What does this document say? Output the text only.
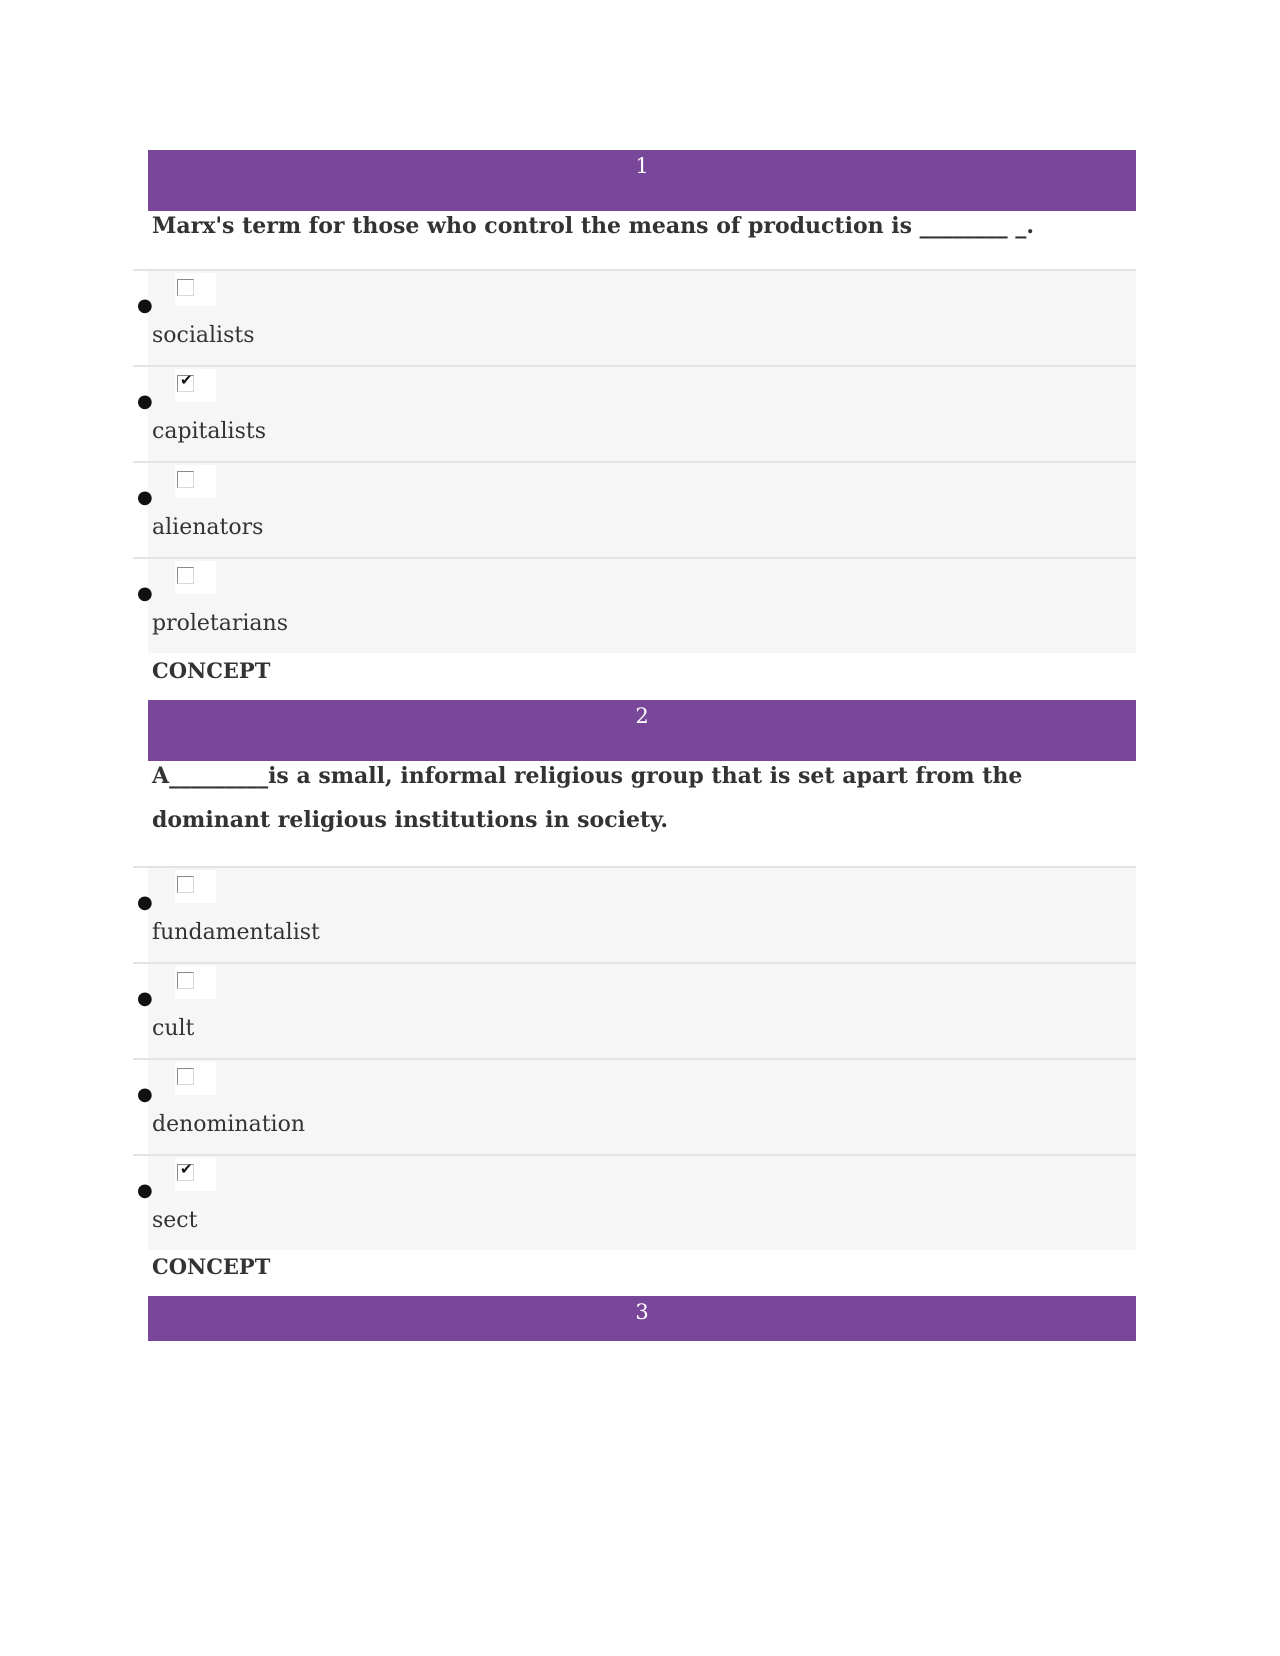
1
Marx's term for those who control the means of production is ________ _.
●
socialists
●
✔
capitalists
●
alienators
●
proletarians
CONCEPT
2
A_________is a small, informal religious group that is set apart from the dominant religious institutions in society.
●
fundamentalist
●
cult
●
denomination
●
✔
sect
CONCEPT
3
